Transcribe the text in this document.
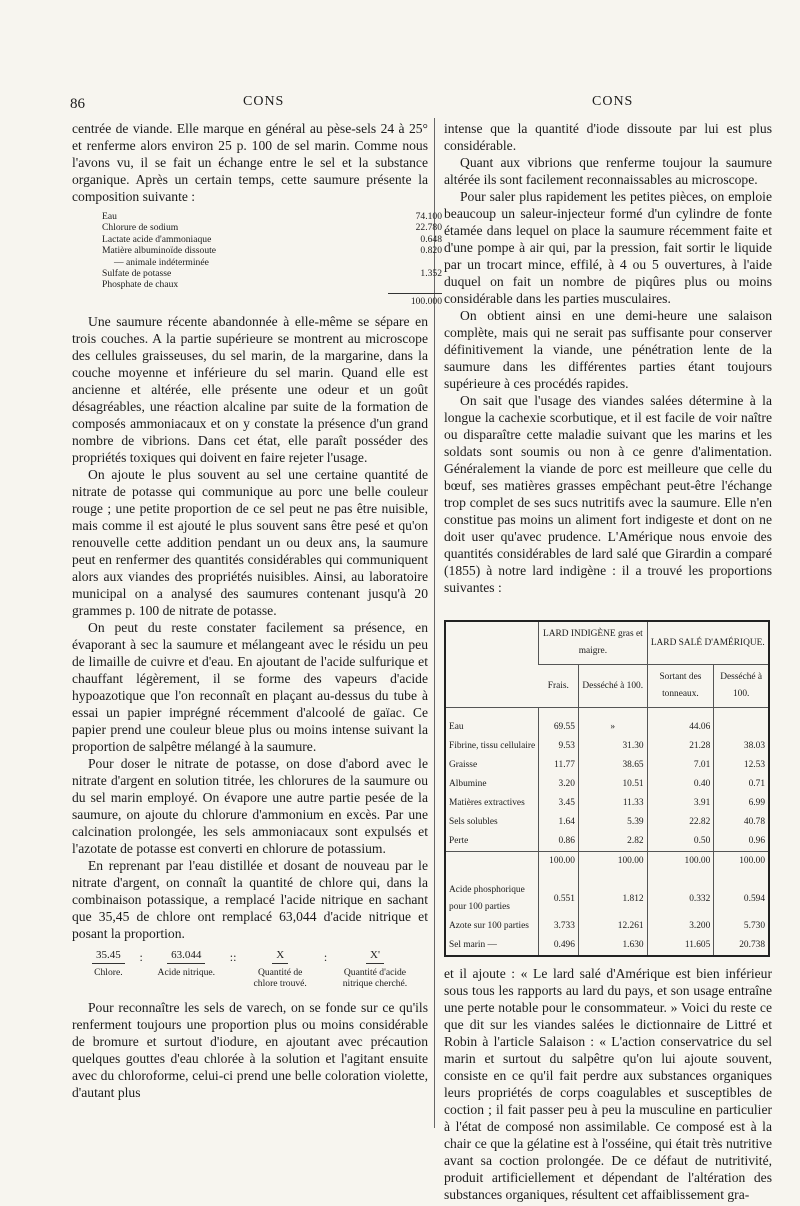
86	CONS	CONS

centrée de viande. Elle marque en général au pèse-sels 24 à 25° et renferme alors environ 25 p. 100 de sel marin. Comme nous l'avons vu, il se fait un échange entre le sel et la substance organique. Après un certain temps, cette saumure présente la composition suivante :

Eau	74.100
Chlorure de sodium	22.780
Lactate acide d'ammoniaque	0.648
Matière albuminoïde dissoute	0.820
— animale indéterminée
Sulfate de potasse	1.352
Phosphate de chaux
100.000

Une saumure récente abandonnée à elle-même se sépare en trois couches. A la partie supérieure se montrent au microscope des cellules graisseuses, du sel marin, de la margarine, dans la couche moyenne et inférieure du sel marin. Quand elle est ancienne et altérée, elle présente une odeur et un goût désagréables, une réaction alcaline par suite de la formation de composés ammoniacaux et on y constate la présence d'un grand nombre de vibrions. Dans cet état, elle paraît posséder des propriétés toxiques qui doivent en faire rejeter l'usage.

On ajoute le plus souvent au sel une certaine quantité de nitrate de potasse qui communique au porc une belle couleur rouge ; une petite proportion de ce sel peut ne pas être nuisible, mais comme il est ajouté le plus souvent sans être pesé et qu'on renouvelle cette addition pendant un ou deux ans, la saumure peut en renfermer des quantités considérables qui communiquent alors aux viandes des propriétés nuisibles. Ainsi, au laboratoire municipal on a analysé des saumures contenant jusqu'à 20 grammes p. 100 de nitrate de potasse.

On peut du reste constater facilement sa présence, en évaporant à sec la saumure et mélangeant avec le résidu un peu de limaille de cuivre et d'eau. En ajoutant de l'acide sulfurique et chauffant légèrement, il se forme des vapeurs d'acide hypoazotique que l'on reconnaît en plaçant au-dessus du tube à essai un papier imprégné récemment d'alcoolé de gaïac. Ce papier prend une couleur bleue plus ou moins intense suivant la proportion de salpêtre mélangé à la saumure.

Pour doser le nitrate de potasse, on dose d'abord avec le nitrate d'argent en solution titrée, les chlorures de la saumure ou du sel marin employé. On évapore une autre partie pesée de la saumure, on ajoute du chlorure d'ammonium en excès. Par une calcination prolongée, les sels ammoniacaux sont expulsés et l'azotate de potasse est converti en chlorure de potassium.

En reprenant par l'eau distillée et dosant de nouveau par le nitrate d'argent, on connaît la quantité de chlore qui, dans la combinaison potassique, a remplacé l'acide nitrique en sachant que 35,45 de chlore ont remplacé 63,044 d'acide nitrique et posant la proportion.

35.45
Chlore.
:	63.044
Acide nitrique.
::	X
Quantité de chlore trouvé.
:	X'
Quantité d'acide nitrique cherché.

Pour reconnaître les sels de varech, on se fonde sur ce qu'ils renferment toujours une proportion plus ou moins considérable de bromure et surtout d'iodure, en ajoutant avec précaution quelques gouttes d'eau chlorée à la solution et l'agitant ensuite avec du chloroforme, celui-ci prend une belle coloration violette, d'autant plus

intense que la quantité d'iode dissoute par lui est plus considérable.

Quant aux vibrions que renferme toujour la saumure altérée ils sont facilement reconnaissables au microscope.

Pour saler plus rapidement les petites pièces, on emploie beaucoup un saleur-injecteur formé d'un cylindre de fonte étamée dans lequel on place la saumure récemment faite et d'une pompe à air qui, par la pression, fait sortir le liquide par un trocart mince, effilé, à 4 ou 5 ouvertures, à l'aide duquel on fait un nombre de piqûres plus ou moins considérable dans les parties musculaires.

On obtient ainsi en une demi-heure une salaison complète, mais qui ne serait pas suffisante pour conserver définitivement la viande, une pénétration lente de la saumure dans les différentes parties étant toujours supérieure à ces procédés rapides.

On sait que l'usage des viandes salées détermine à la longue la cachexie scorbutique, et il est facile de voir naître ou disparaître cette maladie suivant que les marins et les soldats sont soumis ou non à ce genre d'alimentation. Généralement la viande de porc est meilleure que celle du bœuf, ses matières grasses empêchant peut-être l'échange trop complet de ses sucs nutritifs avec la saumure. Elle n'en constitue pas moins un aliment fort indigeste et dont on ne doit user qu'avec prudence. L'Amérique nous envoie des quantités considérables de lard salé que Girardin a comparé (1855) à notre lard indigène : il a trouvé les proportions suivantes :

	LARD INDIGÈNE gras et maigre.		LARD SALÉ D'AMÉRIQUE.	
	Frais.	Desséché à 100.	Sortant des tonneaux.	Desséché à 100.

Eau	69.55	»	44.06	
Fibrine, tissu cellulaire	9.53	31.30	21.28	38.03
Graisse	11.77	38.65	7.01	12.53
Albumine	3.20	10.51	0.40	0.71
Matières extractives	3.45	11.33	3.91	6.99
Sels solubles	1.64	5.39	22.82	40.78
Perte	0.86	2.82	0.50	0.96
	100.00	100.00	100.00	100.00

Acide phosphorique pour 100 parties	0.551	1.812	0.332	0.594
Azote sur 100 parties	3.733	12.261	3.200	5.730
Sel marin —	0.496	1.630	11.605	20.738

et il ajoute : « Le lard salé d'Amérique est bien inférieur sous tous les rapports au lard du pays, et son usage entraîne une perte notable pour le consommateur. » Voici du reste ce que dit sur les viandes salées le dictionnaire de Littré et Robin à l'article Salaison : « L'action conservatrice du sel marin et surtout du salpêtre qu'on lui ajoute souvent, consiste en ce qu'il fait perdre aux substances organiques leurs propriétés de corps coagulables et susceptibles de coction ; il fait passer peu à peu la musculine en particulier à l'état de composé non assimilable. Ce composé est à la chair ce que la gélatine est à l'osséine, qui était très nutritive avant sa coction prolongée. De ce défaut de nutritivité, produit artificiellement et dépendant de l'altération des substances organiques, résultent cet affaiblissement gra-
